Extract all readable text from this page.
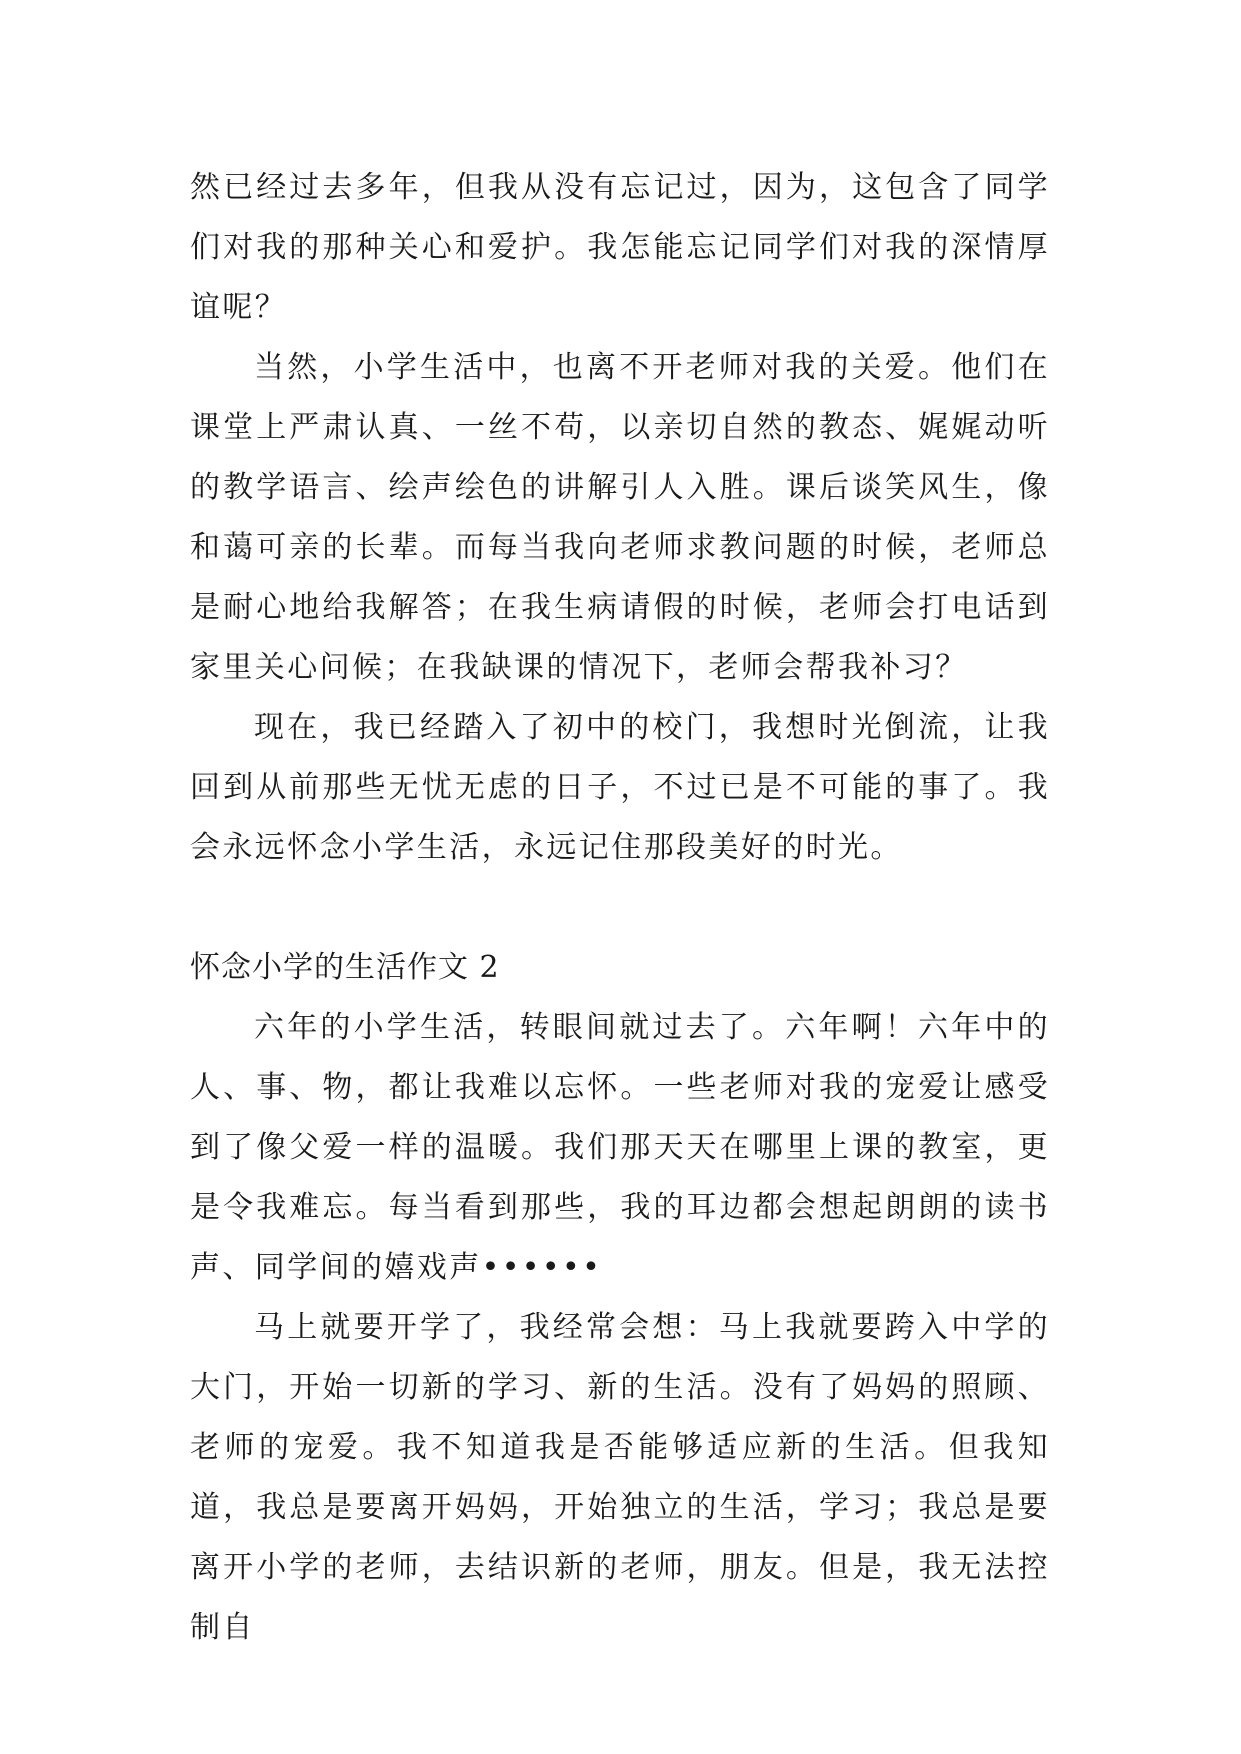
然已经过去多年，但我从没有忘记过，因为，这包含了同学们对我的那种关心和爱护。我怎能忘记同学们对我的深情厚谊呢？

当然，小学生活中，也离不开老师对我的关爱。他们在课堂上严肃认真、一丝不苟，以亲切自然的教态、娓娓动听的教学语言、绘声绘色的讲解引人入胜。课后谈笑风生，像和蔼可亲的长辈。而每当我向老师求教问题的时候，老师总是耐心地给我解答；在我生病请假的时候，老师会打电话到家里关心问候；在我缺课的情况下，老师会帮我补习？

现在，我已经踏入了初中的校门，我想时光倒流，让我回到从前那些无忧无虑的日子，不过已是不可能的事了。我会永远怀念小学生活，永远记住那段美好的时光。

怀念小学的生活作文 2

六年的小学生活，转眼间就过去了。六年啊！六年中的人、事、物，都让我难以忘怀。一些老师对我的宠爱让感受到了像父爱一样的温暖。我们那天天在哪里上课的教室，更是令我难忘。每当看到那些，我的耳边都会想起朗朗的读书声、同学间的嬉戏声••••••

马上就要开学了，我经常会想：马上我就要跨入中学的大门，开始一切新的学习、新的生活。没有了妈妈的照顾、老师的宠爱。我不知道我是否能够适应新的生活。但我知道，我总是要离开妈妈，开始独立的生活，学习；我总是要离开小学的老师，去结识新的老师，朋友。但是，我无法控制自
